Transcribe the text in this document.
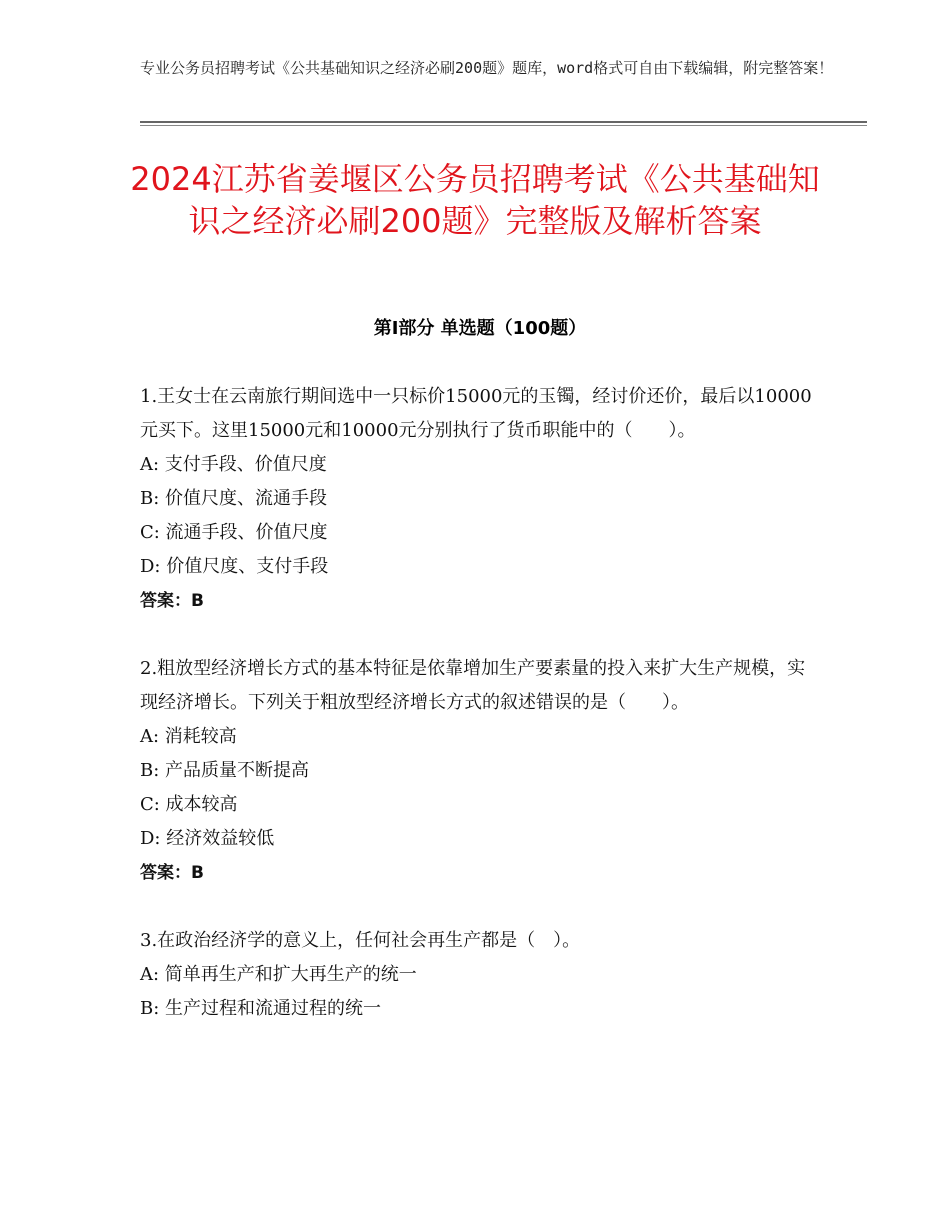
专业公务员招聘考试《公共基础知识之经济必刷200题》题库，word格式可自由下载编辑，附完整答案！
2024江苏省姜堰区公务员招聘考试《公共基础知识之经济必刷200题》完整版及解析答案
第Ⅰ部分 单选题（100题）

1.王女士在云南旅行期间选中一只标价15000元的玉镯，经讨价还价，最后以10000元买下。这里15000元和10000元分别执行了货币职能中的（　　）。

A: 支付手段、价值尺度

B: 价值尺度、流通手段

C: 流通手段、价值尺度

D: 价值尺度、支付手段

答案：B

2.粗放型经济增长方式的基本特征是依靠增加生产要素量的投入来扩大生产规模，实现经济增长。下列关于粗放型经济增长方式的叙述错误的是（　　）。

A: 消耗较高

B: 产品质量不断提高

C: 成本较高

D: 经济效益较低

答案：B

3.在政治经济学的意义上，任何社会再生产都是（　）。

A: 简单再生产和扩大再生产的统一

B: 生产过程和流通过程的统一
